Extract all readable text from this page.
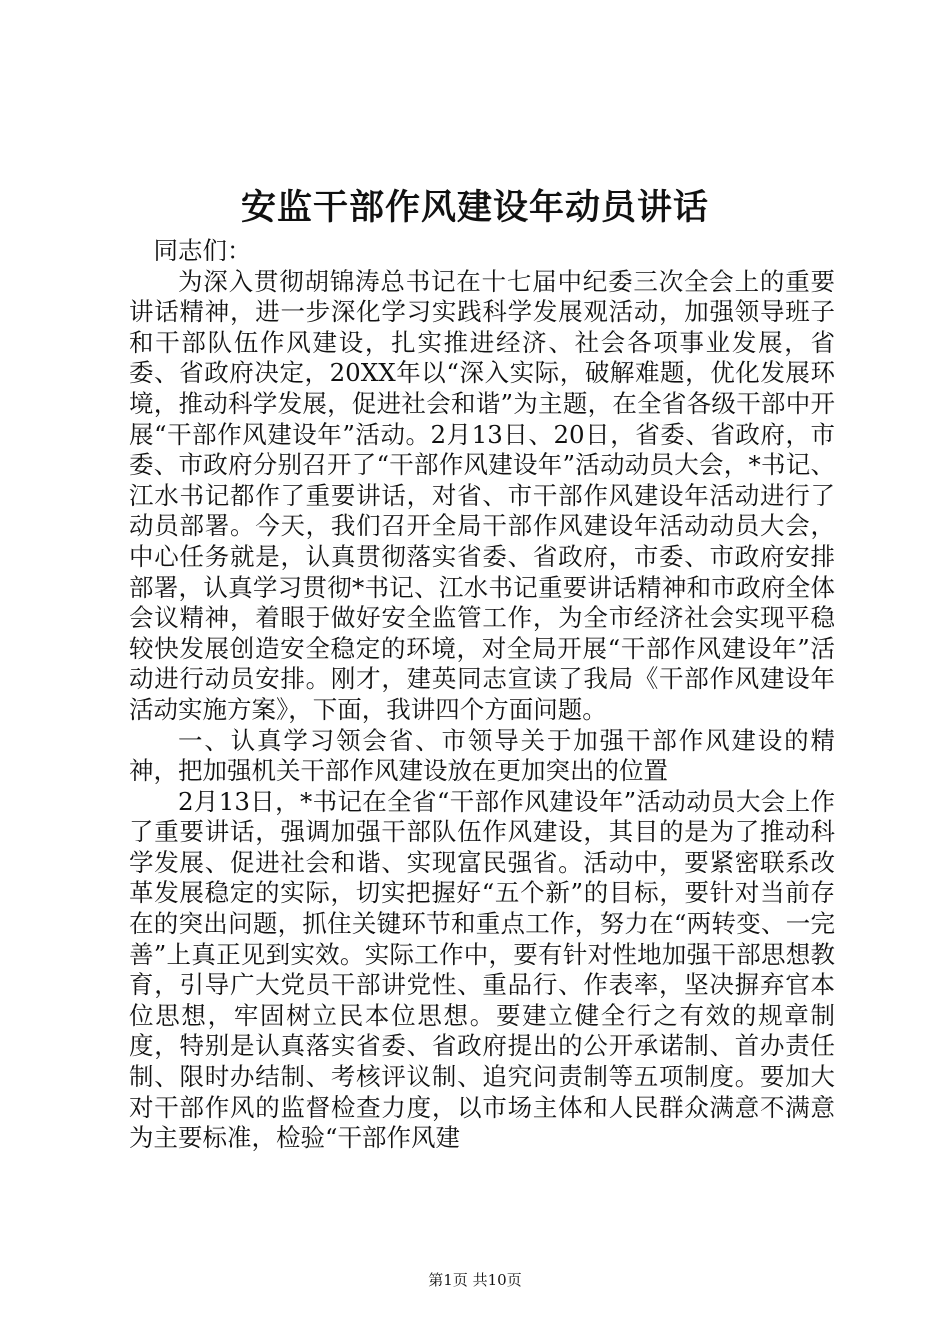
安监干部作风建设年动员讲话

同志们：

为深入贯彻胡锦涛总书记在十七届中纪委三次全会上的重要讲话精神，进一步深化学习实践科学发展观活动，加强领导班子和干部队伍作风建设，扎实推进经济、社会各项事业发展，省委、省政府决定，20XX年以“深入实际，破解难题，优化发展环境，推动科学发展，促进社会和谐”为主题，在全省各级干部中开展“干部作风建设年”活动。2月13日、20日，省委、省政府，市委、市政府分别召开了“干部作风建设年”活动动员大会，*书记、江水书记都作了重要讲话，对省、市干部作风建设年活动进行了动员部署。今天，我们召开全局干部作风建设年活动动员大会，中心任务就是，认真贯彻落实省委、省政府，市委、市政府安排部署，认真学习贯彻*书记、江水书记重要讲话精神和市政府全体会议精神，着眼于做好安全监管工作，为全市经济社会实现平稳较快发展创造安全稳定的环境，对全局开展“干部作风建设年”活动进行动员安排。刚才，建英同志宣读了我局《干部作风建设年活动实施方案》，下面，我讲四个方面问题。

一、认真学习领会省、市领导关于加强干部作风建设的精神，把加强机关干部作风建设放在更加突出的位置

2月13日，*书记在全省“干部作风建设年”活动动员大会上作了重要讲话，强调加强干部队伍作风建设，其目的是为了推动科学发展、促进社会和谐、实现富民强省。活动中，要紧密联系改革发展稳定的实际，切实把握好“五个新”的目标，要针对当前存在的突出问题，抓住关键环节和重点工作，努力在“两转变、一完善”上真正见到实效。实际工作中，要有针对性地加强干部思想教育，引导广大党员干部讲党性、重品行、作表率，坚决摒弃官本位思想，牢固树立民本位思想。要建立健全行之有效的规章制度，特别是认真落实省委、省政府提出的公开承诺制、首办责任制、限时办结制、考核评议制、追究问责制等五项制度。要加大对干部作风的监督检查力度，以市场主体和人民群众满意不满意为主要标准，检验“干部作风建

第1页 共10页
